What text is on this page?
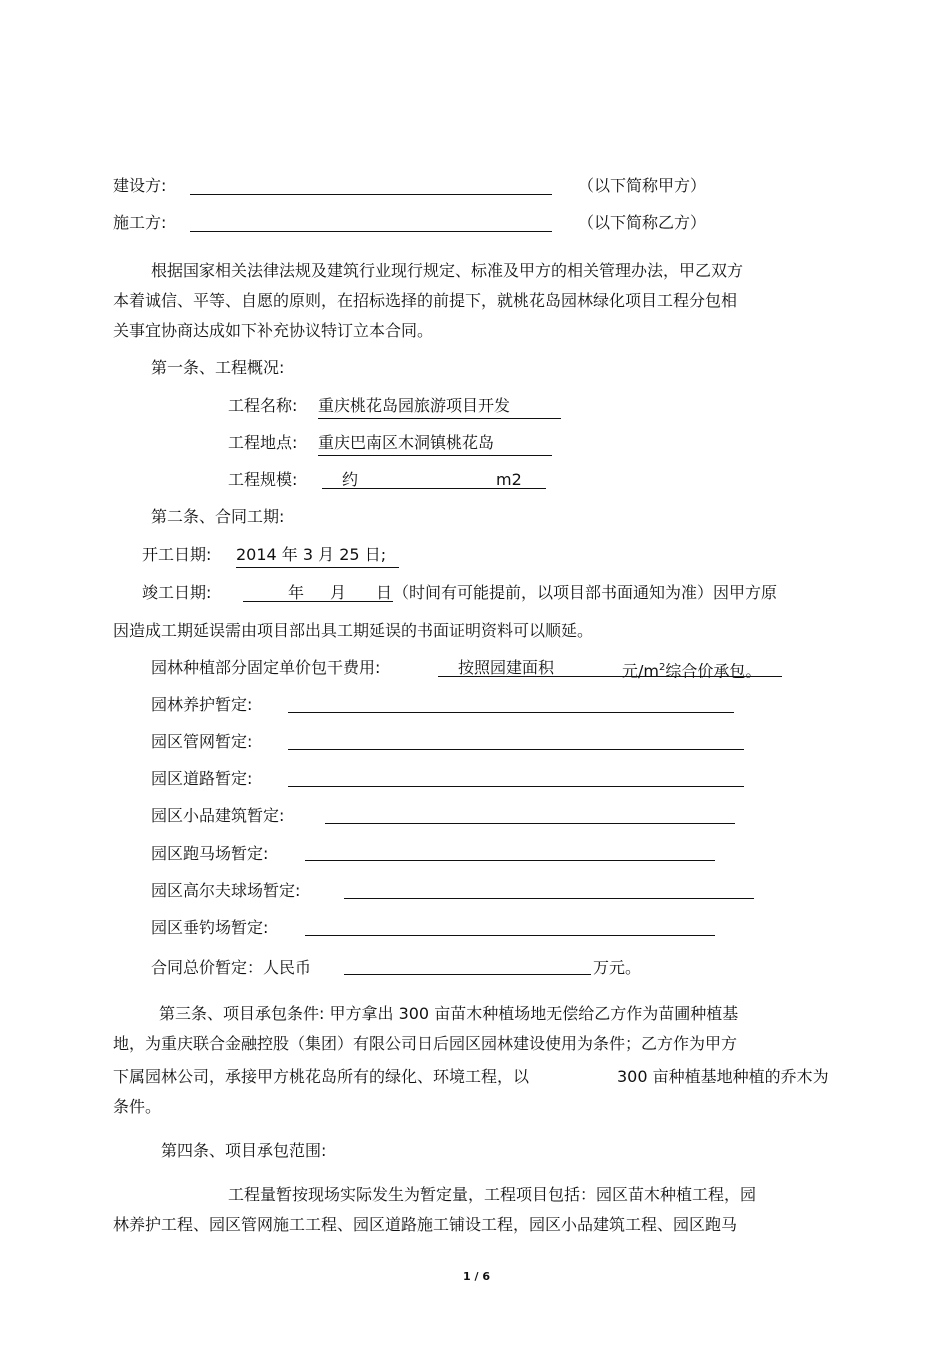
建设方:	（以下简称甲方）
施工方:	（以下简称乙方）
根据国家相关法律法规及建筑行业现行规定、标准及甲方的相关管理办法，甲乙双方
本着诚信、平等、自愿的原则，在招标选择的前提下，就桃花岛园林绿化项目工程分包相
关事宜协商达成如下补充协议特订立本合同。
第一条、工程概况:
工程名称: 重庆桃花岛园旅游项目开发
工程地点: 重庆巴南区木洞镇桃花岛
工程规模:	约	m2
第二条、合同工期:
开工日期: 2014 年 3 月 25 日;
竣工日期:	年 月 日 （时间有可能提前，以项目部书面通知为准）因甲方原
因造成工期延误需由项目部出具工期延误的书面证明资料可以顺延。
园林种植部分固定单价包干费用:	按照园建面积	元$/m^2$综合价承包。
园林养护暂定:
园区管网暂定:
园区道路暂定:
园区小品建筑暂定:
园区跑马场暂定:
园区高尔夫球场暂定:
园区垂钓场暂定:
合同总价暂定：人民币	万元。
第三条、项目承包条件: 甲方拿出 300 亩苗木种植场地无偿给乙方作为苗圃种植基
地，为重庆联合金融控股（集团）有限公司日后园区园林建设使用为条件；乙方作为甲方
下属园林公司，承接甲方桃花岛所有的绿化、环境工程，以	300 亩种植基地种植的乔木为
条件。
第四条、项目承包范围:
工程量暂按现场实际发生为暂定量，工程项目包括：园区苗木种植工程，园
林养护工程、园区管网施工工程、园区道路施工铺设工程，园区小品建筑工程、园区跑马
1 / 6
